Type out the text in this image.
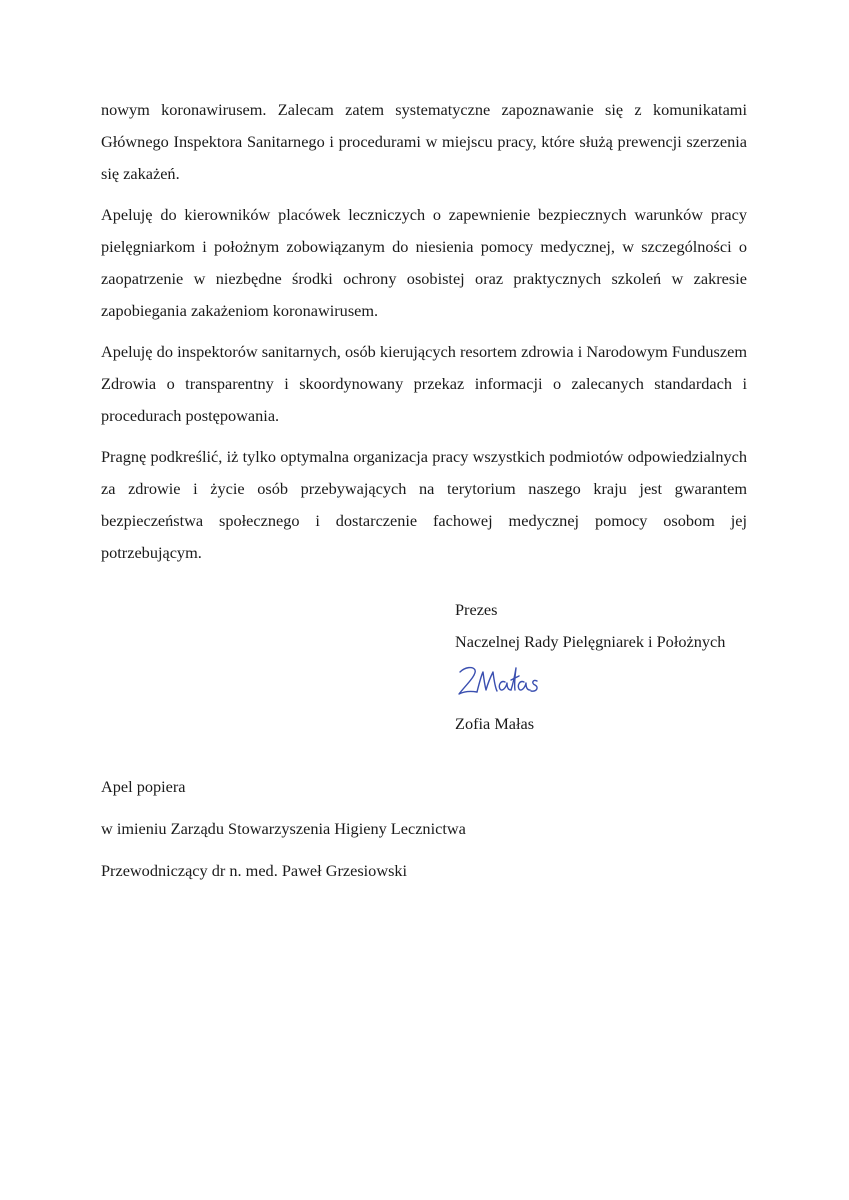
nowym koronawirusem. Zalecam zatem systematyczne zapoznawanie się z komunikatami Głównego Inspektora Sanitarnego i procedurami w miejscu pracy, które służą prewencji szerzenia się zakażeń.

Apeluję do kierowników placówek leczniczych o zapewnienie bezpiecznych warunków pracy pielęgniarkom i położnym zobowiązanym do niesienia pomocy medycznej, w szczególności o zaopatrzenie w niezbędne środki ochrony osobistej oraz praktycznych szkoleń w zakresie zapobiegania zakażeniom koronawirusem.

Apeluję do inspektorów sanitarnych, osób kierujących resortem zdrowia i Narodowym Funduszem Zdrowia o transparentny i skoordynowany przekaz informacji o zalecanych standardach i procedurach postępowania.

Pragnę podkreślić, iż tylko optymalna organizacja pracy wszystkich podmiotów odpowiedzialnych za zdrowie i życie osób przebywających na terytorium naszego kraju jest gwarantem bezpieczeństwa społecznego i dostarczenie fachowej medycznej pomocy osobom jej potrzebującym.

Prezes
Naczelnej Rady Pielęgniarek i Położnych
Zofia Małas
Apel popiera
w imieniu Zarządu Stowarzyszenia Higieny Lecznictwa
Przewodniczący dr n. med. Paweł Grzesiowski
